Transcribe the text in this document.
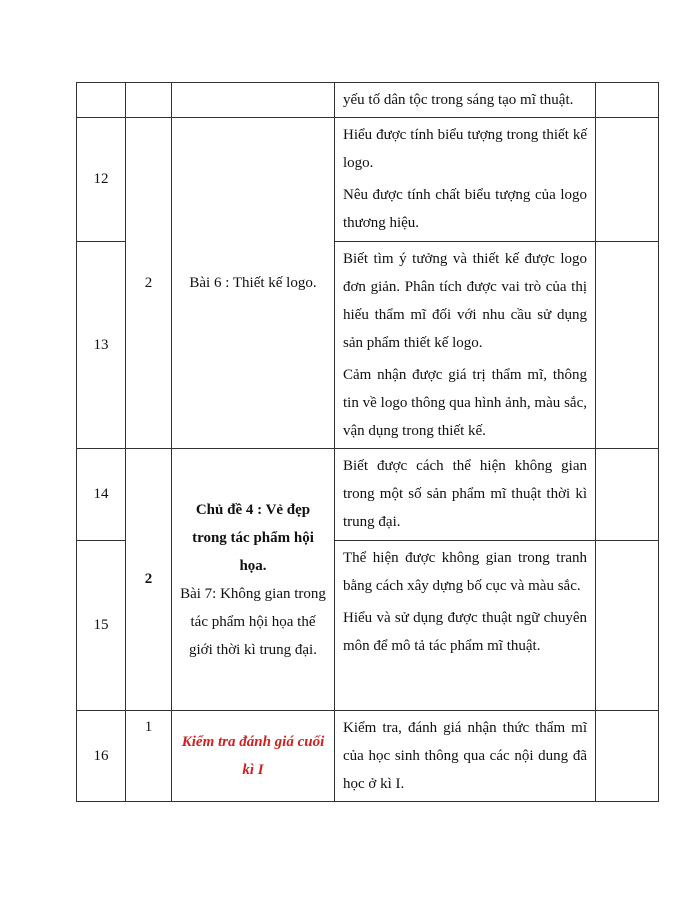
			yếu tố dân tộc trong sáng tạo mĩ thuật.	

12	2	Bài 6 : Thiết kế logo.	Hiểu được tính biểu tượng trong thiết kế logo.

Nêu được tính chất biểu tượng của logo thương hiệu.	

13			Biết tìm ý tưởng và thiết kế được logo đơn giản. Phân tích được vai trò của thị hiếu thẩm mĩ đối với nhu cầu sử dụng sản phẩm thiết kế logo.

Cảm nhận được giá trị thẩm mĩ, thông tin về logo thông qua hình ảnh, màu sắc, vận dụng trong thiết kế.	

14	2	Chủ đề 4 : Vẻ đẹp trong tác phẩm hội họa.
Bài 7: Không gian trong tác phẩm hội họa thế giới thời kì trung đại.	Biết được cách thể hiện không gian trong một số sản phẩm mĩ thuật thời kì trung đại.	

15			Thể hiện được không gian trong tranh bằng cách xây dựng bố cục và màu sắc.

Hiểu và sử dụng được thuật ngữ chuyên môn để mô tả tác phẩm mĩ thuật.	

16	1	Kiểm tra đánh giá cuối kì I	Kiểm tra, đánh giá nhận thức thẩm mĩ của học sinh thông qua các nội dung đã học ở kì I.	
